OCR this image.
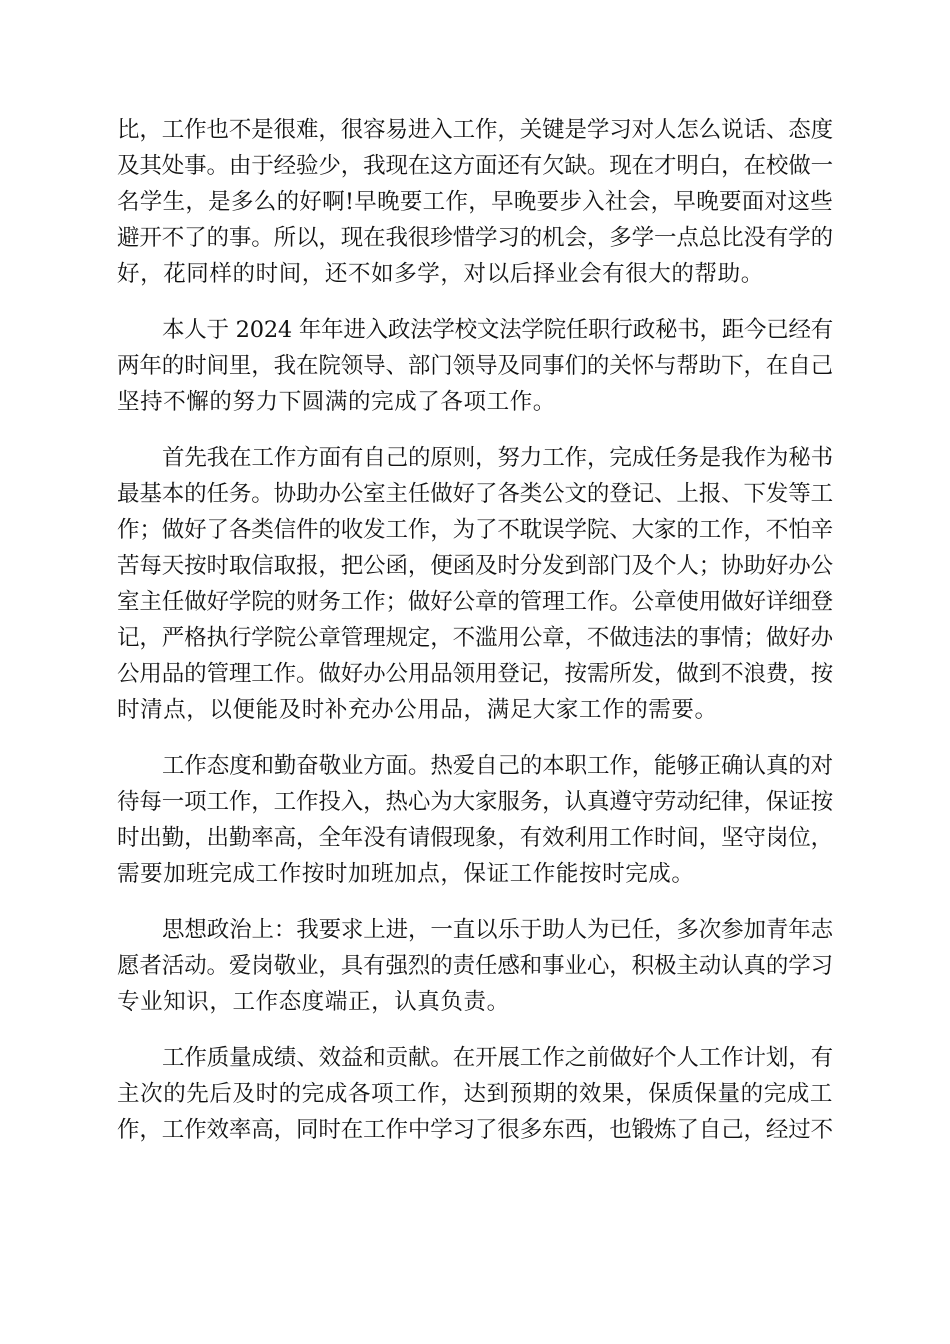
比，工作也不是很难，很容易进入工作，关键是学习对人怎么说话、态度
及其处事。由于经验少，我现在这方面还有欠缺。现在才明白，在校做一
名学生，是多么的好啊!早晚要工作，早晚要步入社会，早晚要面对这些
避开不了的事。所以，现在我很珍惜学习的机会，多学一点总比没有学的
好，花同样的时间，还不如多学，对以后择业会有很大的帮助。

本人于 2024 年年进入政法学校文法学院任职行政秘书，距今已经有
两年的时间里，我在院领导、部门领导及同事们的关怀与帮助下，在自己
坚持不懈的努力下圆满的完成了各项工作。

首先我在工作方面有自己的原则，努力工作，完成任务是我作为秘书
最基本的任务。协助办公室主任做好了各类公文的登记、上报、下发等工
作；做好了各类信件的收发工作，为了不耽误学院、大家的工作，不怕辛
苦每天按时取信取报，把公函，便函及时分发到部门及个人；协助好办公
室主任做好学院的财务工作；做好公章的管理工作。公章使用做好详细登
记，严格执行学院公章管理规定，不滥用公章，不做违法的事情；做好办
公用品的管理工作。做好办公用品领用登记，按需所发，做到不浪费，按
时清点，以便能及时补充办公用品，满足大家工作的需要。

工作态度和勤奋敬业方面。热爱自己的本职工作，能够正确认真的对
待每一项工作，工作投入，热心为大家服务，认真遵守劳动纪律，保证按
时出勤，出勤率高，全年没有请假现象，有效利用工作时间，坚守岗位，
需要加班完成工作按时加班加点，保证工作能按时完成。

思想政治上：我要求上进，一直以乐于助人为已任，多次参加青年志
愿者活动。爱岗敬业，具有强烈的责任感和事业心，积极主动认真的学习
专业知识，工作态度端正，认真负责。

工作质量成绩、效益和贡献。在开展工作之前做好个人工作计划，有
主次的先后及时的完成各项工作，达到预期的效果，保质保量的完成工
作，工作效率高，同时在工作中学习了很多东西，也锻炼了自己，经过不
